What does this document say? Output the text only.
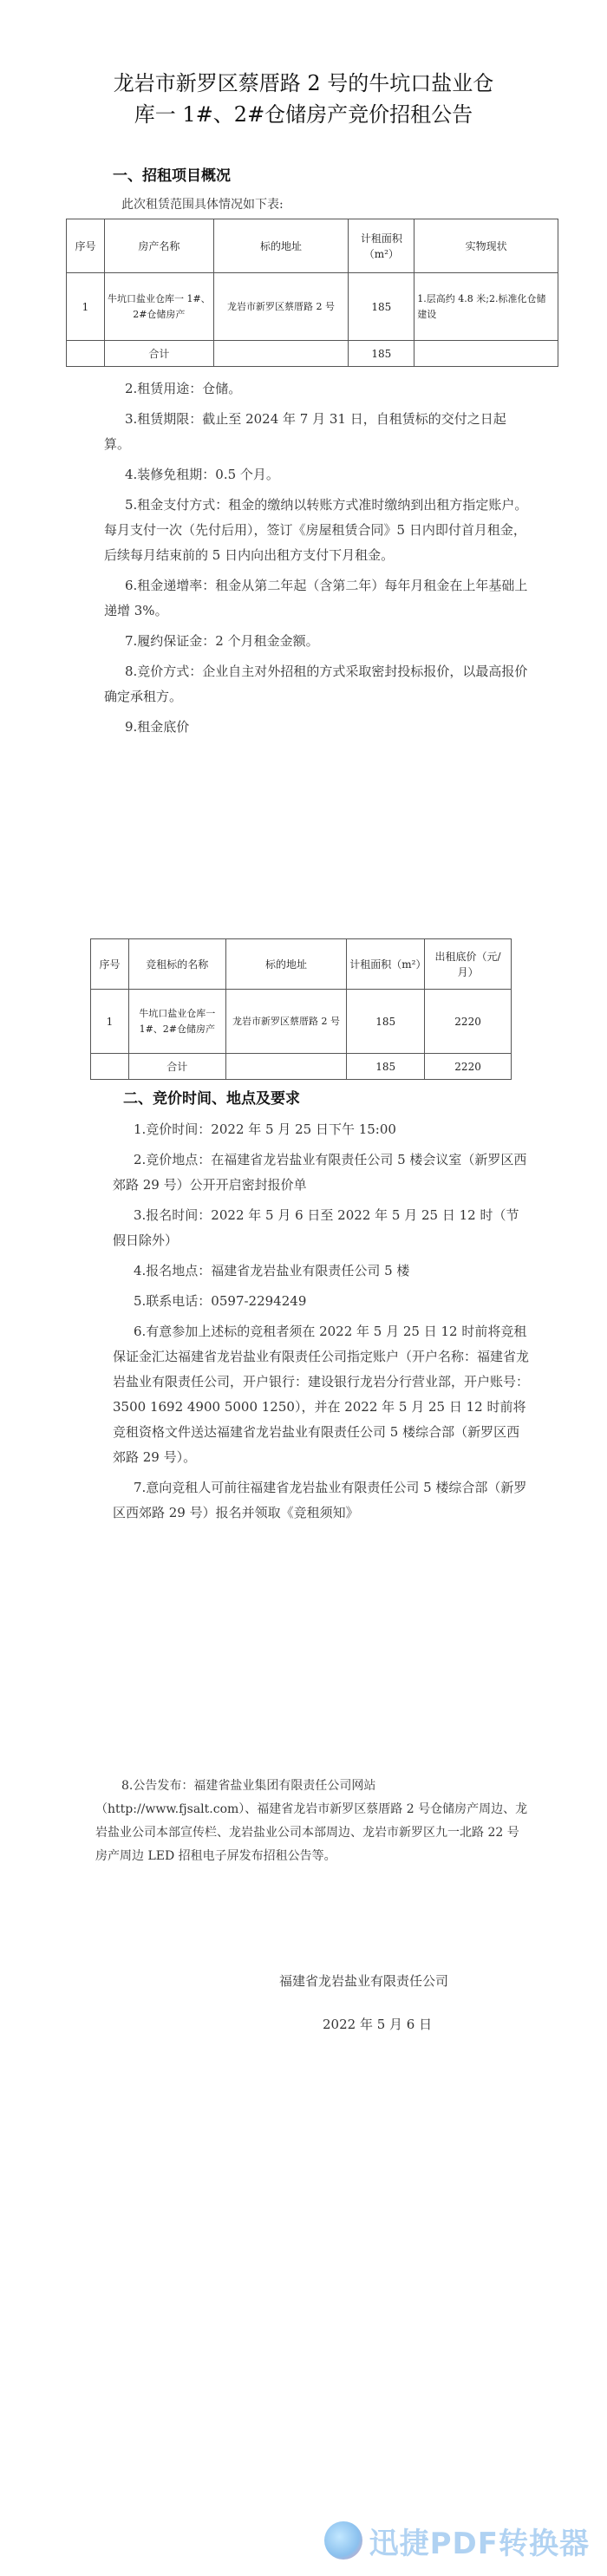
龙岩市新罗区蔡厝路 2 号的牛坑口盐业仓
库一 1#、2#仓储房产竞价招租公告
一、招租项目概况
此次租赁范围具体情况如下表:
序号	房产名称	标的地址	计租面积（m²）	实物现状
1	牛坑口盐业仓库一 1#、2#仓储房产	龙岩市新罗区蔡厝路 2 号	185	1.层高约 4.8 米;2.标准化仓储建设
	合计		185	
2.租赁用途：仓储。
3.租赁期限：截止至 2024 年 7 月 31 日，自租赁标的交付之日起算。
4.装修免租期：0.5 个月。
5.租金支付方式：租金的缴纳以转账方式准时缴纳到出租方指定账户。每月支付一次（先付后用），签订《房屋租赁合同》5 日内即付首月租金，后续每月结束前的 5 日内向出租方支付下月租金。
6.租金递增率：租金从第二年起（含第二年）每年月租金在上年基础上递增 3%。
7.履约保证金：2 个月租金金额。
8.竞价方式：企业自主对外招租的方式采取密封投标报价，以最高报价确定承租方。
9.租金底价
序号	竞租标的名称	标的地址	计租面积（m²）	出租底价（元/月）
1	牛坑口盐业仓库一 1#、2#仓储房产	龙岩市新罗区蔡厝路 2 号	185	2220
	合计		185	2220
二、竞价时间、地点及要求
1.竞价时间：2022 年 5 月 25 日下午 15:00
2.竞价地点：在福建省龙岩盐业有限责任公司 5 楼会议室（新罗区西郊路 29 号）公开开启密封报价单
3.报名时间：2022 年 5 月 6 日至 2022 年 5 月 25 日 12 时（节假日除外）
4.报名地点：福建省龙岩盐业有限责任公司 5 楼
5.联系电话：0597-2294249
6.有意参加上述标的竞租者须在 2022 年 5 月 25 日 12 时前将竞租保证金汇达福建省龙岩盐业有限责任公司指定账户（开户名称：福建省龙岩盐业有限责任公司，开户银行：建设银行龙岩分行营业部，开户账号：3500 1692 4900 5000 1250），并在 2022 年 5 月 25 日 12 时前将竞租资格文件送达福建省龙岩盐业有限责任公司 5 楼综合部（新罗区西郊路 29 号）。
7.意向竞租人可前往福建省龙岩盐业有限责任公司 5 楼综合部（新罗区西郊路 29 号）报名并领取《竞租须知》
8.公告发布：福建省盐业集团有限责任公司网站（http://www.fjsalt.com）、福建省龙岩市新罗区蔡厝路 2 号仓储房产周边、龙岩盐业公司本部宣传栏、龙岩盐业公司本部周边、龙岩市新罗区九一北路 22 号房产周边 LED 招租电子屏发布招租公告等。
福建省龙岩盐业有限责任公司
2022 年 5 月 6 日
迅捷PDF转换器
